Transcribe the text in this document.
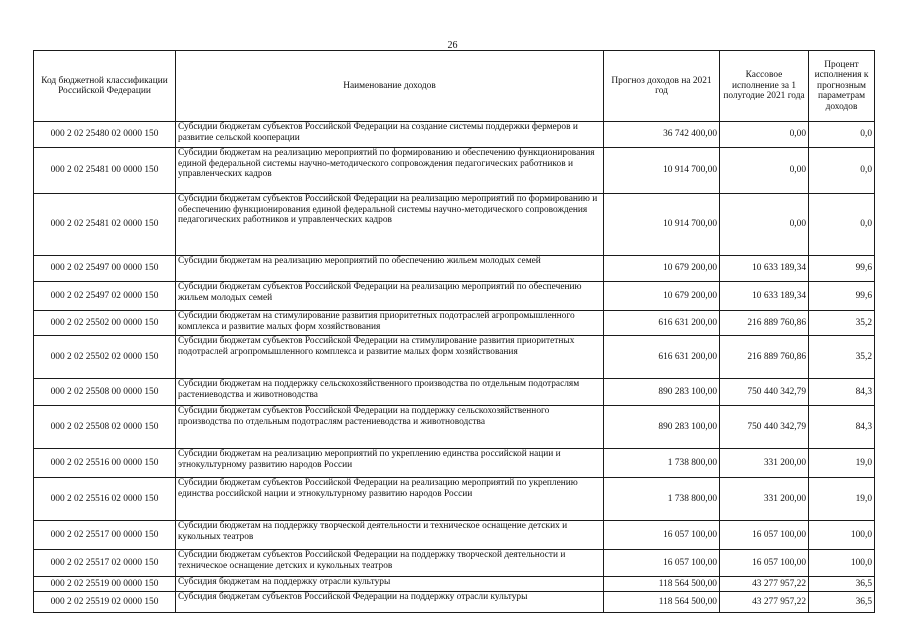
26
Код бюджетной классификации Российской Федерации	Наименование доходов	Прогноз доходов на 2021 год	Кассовое исполнение за 1 полугодие 2021 года	Процент исполнения к прогнозным параметрам доходов
000 2 02 25480 02 0000 150	Субсидии бюджетам субъектов Российской Федерации на создание системы поддержки фермеров и развитие сельской кооперации	36 742 400,00	0,00	0,0
000 2 02 25481 00 0000 150	Субсидии бюджетам на реализацию мероприятий по формированию и обеспечению функционирования единой федеральной системы научно-методического сопровождения педагогических работников и управленческих кадров	10 914 700,00	0,00	0,0
000 2 02 25481 02 0000 150	Субсидии бюджетам субъектов Российской Федерации на реализацию мероприятий по формированию и обеспечению функционирования единой федеральной системы научно-методического сопровождения педагогических работников и управленческих кадров	10 914 700,00	0,00	0,0
000 2 02 25497 00 0000 150	Субсидии бюджетам на реализацию мероприятий по обеспечению жильем молодых семей	10 679 200,00	10 633 189,34	99,6
000 2 02 25497 02 0000 150	Субсидии бюджетам субъектов Российской Федерации на реализацию мероприятий по обеспечению жильем молодых семей	10 679 200,00	10 633 189,34	99,6
000 2 02 25502 00 0000 150	Субсидии бюджетам на стимулирование развития приоритетных подотраслей агропромышленного комплекса и развитие малых форм хозяйствования	616 631 200,00	216 889 760,86	35,2
000 2 02 25502 02 0000 150	Субсидии бюджетам субъектов Российской Федерации на стимулирование развития приоритетных подотраслей агропромышленного комплекса и развитие малых форм хозяйствования	616 631 200,00	216 889 760,86	35,2
000 2 02 25508 00 0000 150	Субсидии бюджетам на поддержку сельскохозяйственного производства по отдельным подотраслям растениеводства и животноводства	890 283 100,00	750 440 342,79	84,3
000 2 02 25508 02 0000 150	Субсидии бюджетам субъектов Российской Федерации на поддержку сельскохозяйственного производства по отдельным подотраслям растениеводства и животноводства	890 283 100,00	750 440 342,79	84,3
000 2 02 25516 00 0000 150	Субсидии бюджетам на реализацию мероприятий по укреплению единства российской нации и этнокультурному развитию народов России	1 738 800,00	331 200,00	19,0
000 2 02 25516 02 0000 150	Субсидии бюджетам субъектов Российской Федерации на реализацию мероприятий по укреплению единства российской нации и этнокультурному развитию народов России	1 738 800,00	331 200,00	19,0
000 2 02 25517 00 0000 150	Субсидии бюджетам на поддержку творческой деятельности и техническое оснащение детских и кукольных театров	16 057 100,00	16 057 100,00	100,0
000 2 02 25517 02 0000 150	Субсидии бюджетам субъектов Российской Федерации на поддержку творческой деятельности и техническое оснащение детских и кукольных театров	16 057 100,00	16 057 100,00	100,0
000 2 02 25519 00 0000 150	Субсидия бюджетам на поддержку отрасли культуры	118 564 500,00	43 277 957,22	36,5
000 2 02 25519 02 0000 150	Субсидия бюджетам субъектов Российской Федерации на поддержку отрасли культуры	118 564 500,00	43 277 957,22	36,5
